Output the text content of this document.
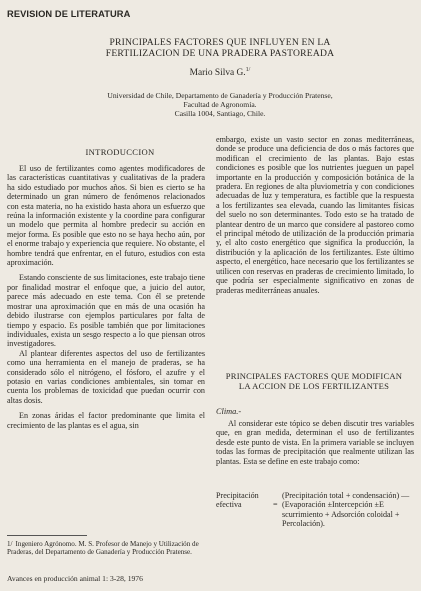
REVISION DE LITERATURA
PRINCIPALES FACTORES QUE INFLUYEN EN LA
FERTILIZACION DE UNA PRADERA PASTOREADA
Mario Silva G.$^{1/}$
Universidad de Chile, Departamento de Ganadería y Producción Pratense,
Facultad de Agronomía.
Casilla 1004, Santiago, Chile.
INTRODUCCION

El uso de fertilizantes como agentes modificadores de las características cuantitativas y cualitativas de la pradera ha sido estudiado por muchos años. Si bien es cierto se ha determinado un gran número de fenómenos relacionados con esta materia, no ha existido hasta ahora un esfuerzo que reúna la información existente y la coordine para configurar un modelo que permita al hombre predecir su acción en mejor forma. Es posible que esto no se haya hecho aún, por el enorme trabajo y experiencia que requiere. No obstante, el hombre tendrá que enfrentar, en el futuro, estudios con esta aproximación.

Estando consciente de sus limitaciones, este trabajo tiene por finalidad mostrar el enfoque que, a juicio del autor, parece más adecuado en este tema. Con él se pretende mostrar una aproximación que en más de una ocasión ha debido ilustrarse con ejemplos particulares por falta de tiempo y espacio. Es posible también que por limitaciones individuales, exista un sesgo respecto a lo que piensan otros investigadores.

Al plantear diferentes aspectos del uso de fertilizantes como una herramienta en el manejo de praderas, se ha considerado sólo el nitrógeno, el fósforo, el azufre y el potasio en varias condiciones ambientales, sin tomar en cuenta los problemas de toxicidad que puedan ocurrir con altas dosis.

En zonas áridas el factor predominante que limita el crecimiento de las plantas es el agua, sin

embargo, existe un vasto sector en zonas mediterráneas, donde se produce una deficiencia de dos o más factores que modifican el crecimiento de las plantas. Bajo estas condiciones es posible que los nutrientes jueguen un papel importante en la producción y composición botánica de la pradera. En regiones de alta pluviometría y con condiciones adecuadas de luz y temperatura, es factible que la respuesta a los fertilizantes sea elevada, cuando las limitantes físicas del suelo no son determinantes. Todo esto se ha tratado de plantear dentro de un marco que considere al pastoreo como el principal método de utilización de la producción primaria y, el alto costo energético que significa la producción, la distribución y la aplicación de los fertilizantes. Este último aspecto, el energético, hace necesario que los fertilizantes se utilicen con reservas en praderas de crecimiento limitado, lo que podría ser especialmente significativo en zonas de praderas mediterráneas anuales.

PRINCIPALES FACTORES QUE MODIFICAN
LA ACCION DE LOS FERTILIZANTES
Clima.-

Al considerar este tópico se deben discutir tres variables que, en gran medida, determinan el uso de fertilizantes desde este punto de vista. En la primera variable se incluyen todas las formas de precipitación que realmente utilizan las plantas. Esta se define en este trabajo como:

Precipitación
efectiva	=
(Precipitación total + condensación) — (Evaporación ±Intercepción ±E scurrimiento + Adsorción coloidal + Percolación).
1/ Ingeniero Agrónomo. M. S. Profesor de Manejo y Utilización de Praderas, del Departamento de Ganadería y Producción Pratense.
Avances en producción animal 1: 3-28, 1976
